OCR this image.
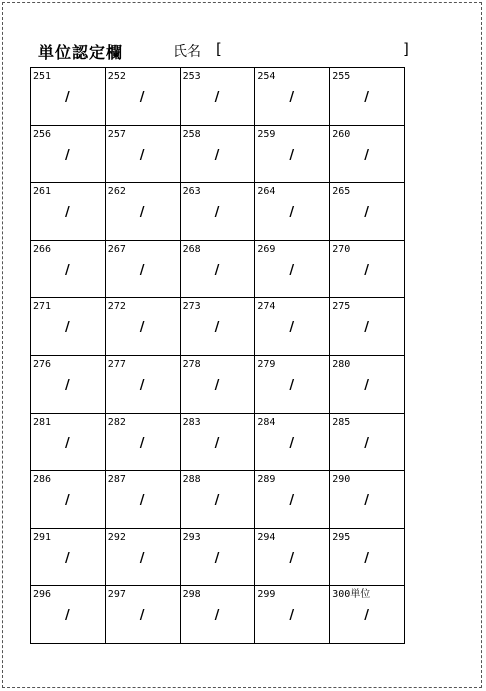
単位認定欄	氏名 [	]
251
/
252
/
253
/
254
/
255
/
256
/
257
/
258
/
259
/
260
/
261
/
262
/
263
/
264
/
265
/
266
/
267
/
268
/
269
/
270
/
271
/
272
/
273
/
274
/
275
/
276
/
277
/
278
/
279
/
280
/
281
/
282
/
283
/
284
/
285
/
286
/
287
/
288
/
289
/
290
/
291
/
292
/
293
/
294
/
295
/
296
/
297
/
298
/
299
/
300単位
/
